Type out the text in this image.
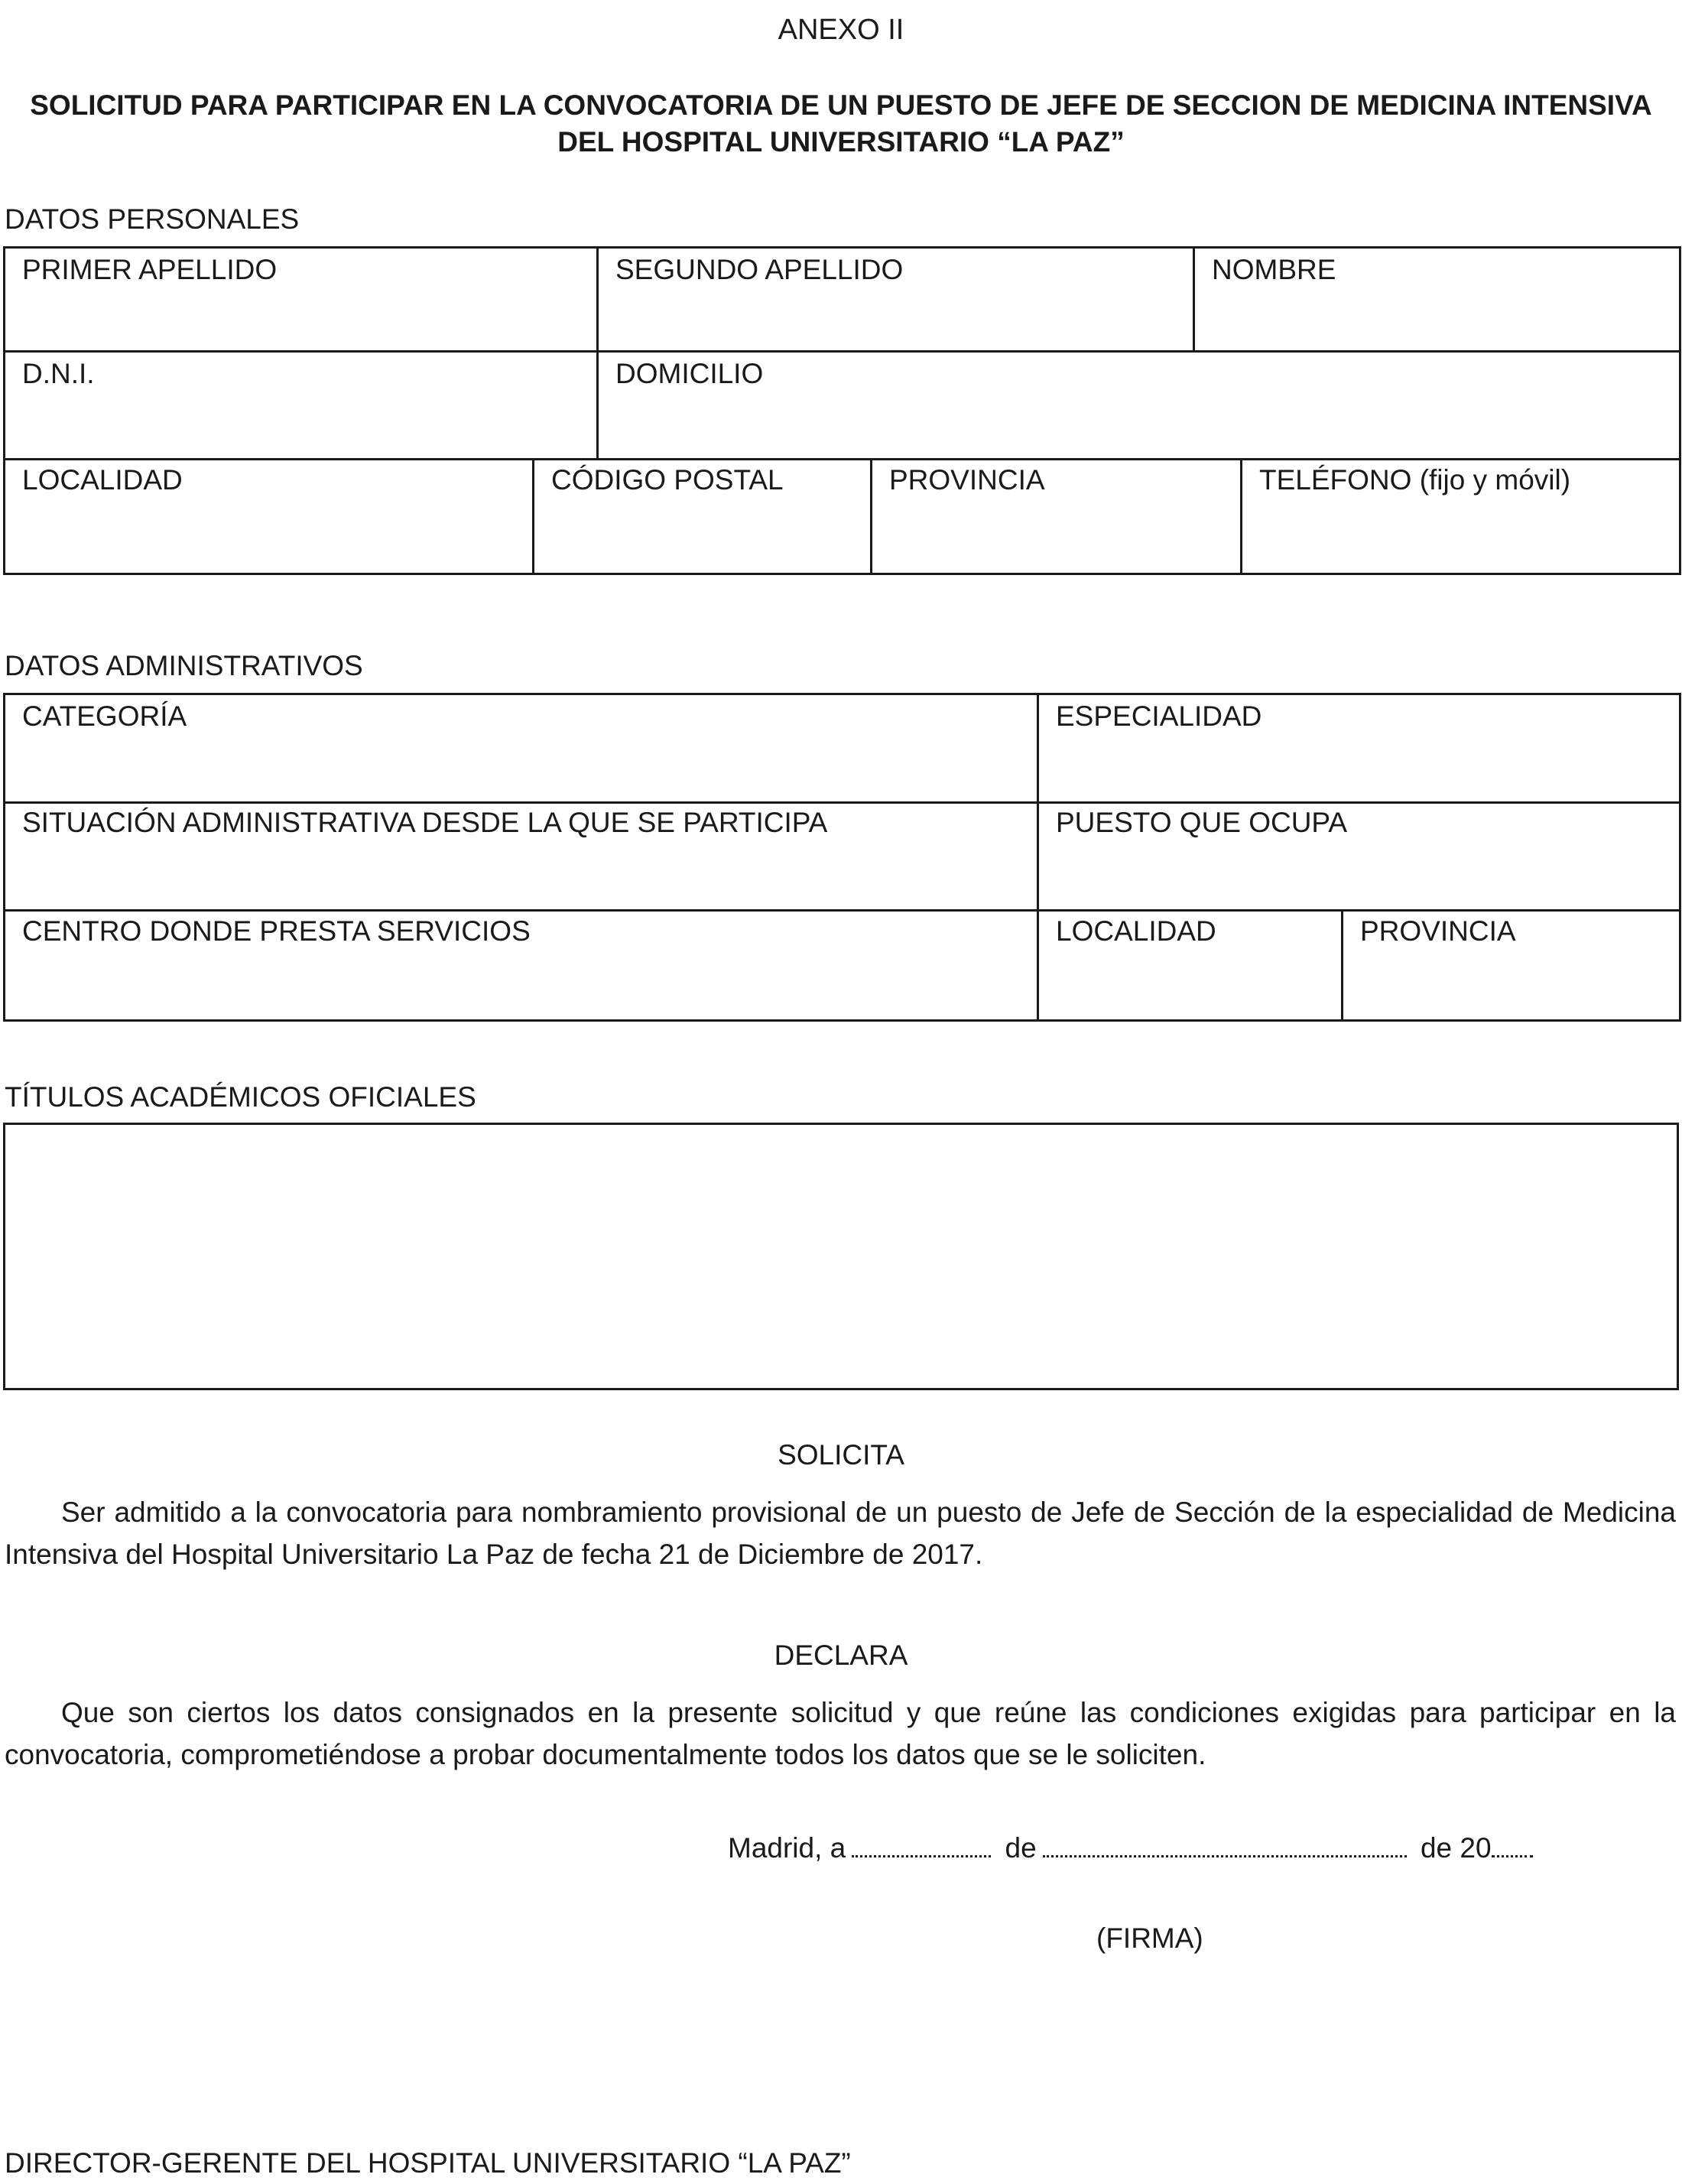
ANEXO II
SOLICITUD PARA PARTICIPAR EN LA CONVOCATORIA DE UN PUESTO DE JEFE DE SECCION DE MEDICINA INTENSIVA
DEL HOSPITAL UNIVERSITARIO “LA PAZ”
DATOS PERSONALES
PRIMER APELLIDO	SEGUNDO APELLIDO	NOMBRE
D.N.I.	DOMICILIO
LOCALIDAD	CÓDIGO POSTAL	PROVINCIA	TELÉFONO (fijo y móvil)
DATOS ADMINISTRATIVOS
CATEGORÍA	ESPECIALIDAD
SITUACIÓN ADMINISTRATIVA DESDE LA QUE SE PARTICIPA	PUESTO QUE OCUPA
CENTRO DONDE PRESTA SERVICIOS	LOCALIDAD	PROVINCIA
TÍTULOS ACADÉMICOS OFICIALES
SOLICITA
Ser admitido a la convocatoria para nombramiento provisional de un puesto de Jefe de Sección de la especialidad de Medicina Intensiva del Hospital Universitario La Paz de fecha 21 de Diciembre de 2017.
DECLARA
Que son ciertos los datos consignados en la presente solicitud y que reúne las condiciones exigidas para participar en la convocatoria, comprometiéndose a probar documentalmente todos los datos que se le soliciten.
Madrid, a	de	de 20
(FIRMA)
DIRECTOR-GERENTE DEL HOSPITAL UNIVERSITARIO “LA PAZ”
